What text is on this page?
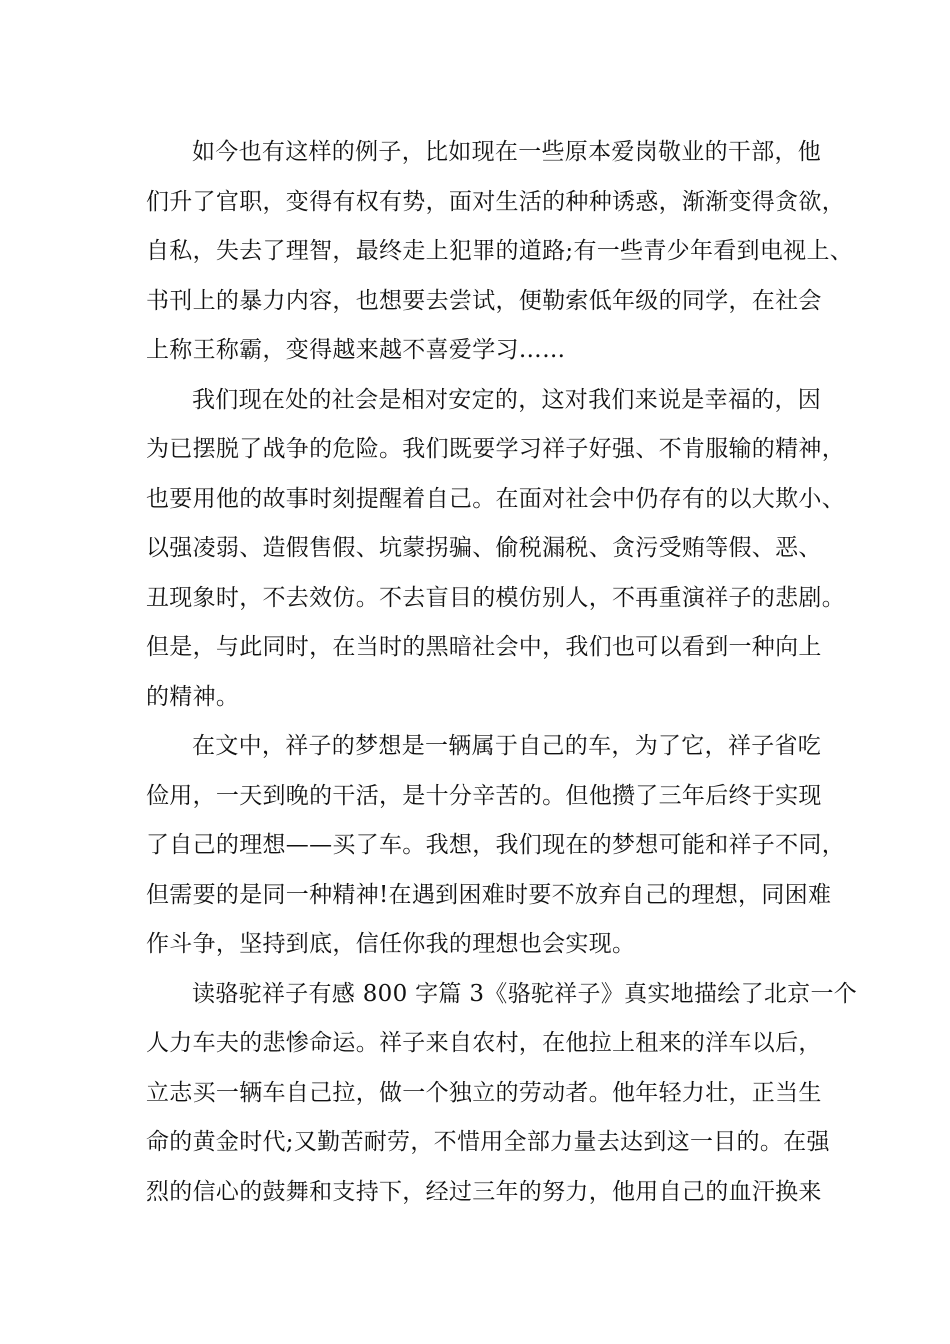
如今也有这样的例子，比如现在一些原本爱岗敬业的干部，他
们升了官职，变得有权有势，面对生活的种种诱惑，渐渐变得贪欲，
自私，失去了理智，最终走上犯罪的道路;有一些青少年看到电视上、
书刊上的暴力内容，也想要去尝试，便勒索低年级的同学，在社会
上称王称霸，变得越来越不喜爱学习……

我们现在处的社会是相对安定的，这对我们来说是幸福的，因
为已摆脱了战争的危险。我们既要学习祥子好强、不肯服输的精神，
也要用他的故事时刻提醒着自己。在面对社会中仍存有的以大欺小、
以强凌弱、造假售假、坑蒙拐骗、偷税漏税、贪污受贿等假、恶、
丑现象时，不去效仿。不去盲目的模仿别人，不再重演祥子的悲剧。
但是，与此同时，在当时的黑暗社会中，我们也可以看到一种向上
的精神。

在文中，祥子的梦想是一辆属于自己的车，为了它，祥子省吃
俭用，一天到晚的干活，是十分辛苦的。但他攒了三年后终于实现
了自己的理想——买了车。我想，我们现在的梦想可能和祥子不同，
但需要的是同一种精神!在遇到困难时要不放弃自己的理想，同困难
作斗争，坚持到底，信任你我的理想也会实现。

读骆驼祥子有感 800 字篇 3《骆驼祥子》真实地描绘了北京一个
人力车夫的悲惨命运。祥子来自农村，在他拉上租来的洋车以后，
立志买一辆车自己拉，做一个独立的劳动者。他年轻力壮，正当生
命的黄金时代;又勤苦耐劳，不惜用全部力量去达到这一目的。在强
烈的信心的鼓舞和支持下，经过三年的努力，他用自己的血汗换来
